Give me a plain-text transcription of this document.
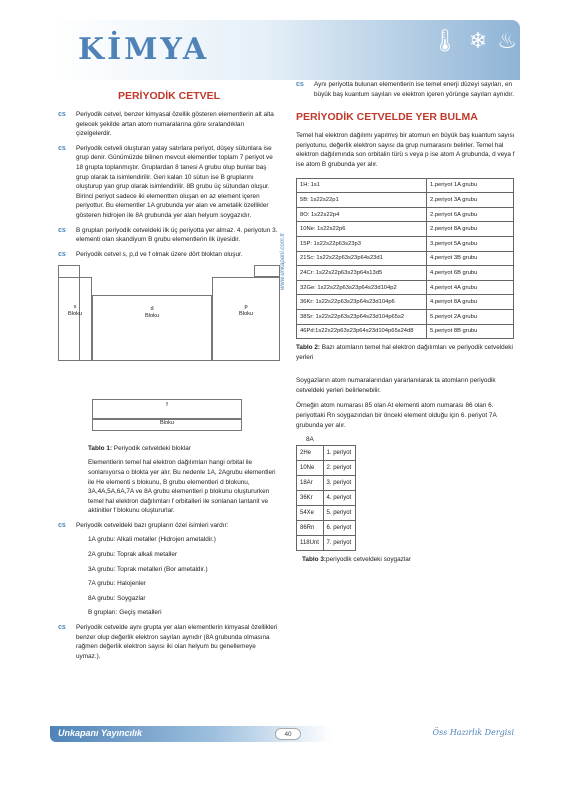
KİMYA	🌡 ❄ ♨
PERİYODİK CETVEL
cs Periyodik cetvel, benzer kimyasal özellik gösteren elementlerin alt alta gelecek şekilde artan atom numaralarına göre sıralandıkları çizelgelerdir.
cs Periyodik cetveli oluşturan yatay satırlara periyot, düşey sütunlara ise grup denir. Günümüzde bilinen mevcut elementler toplam 7 periyot ve 18 grupta toplanmıştır. Gruplardan 8 tanesi A grubu olup bunlar baş grup olarak ta isimlendirilir. Geri kalan 10 sütun ise B gruplarını oluşturup yan grup olarak isimlendirilir. 8B grubu üç sütundan oluşur. Birinci periyot sadece iki elementten oluşan en az element içeren periyottur. Bu elementler 1A grubunda yer alan ve ametalik özellikler gösteren hidrojen ile 8A grubunda yer alan helyum soygazıdır.
cs B grupları periyodik cetveldeki ilk üç periyotta yer almaz. 4. periyotun 3. elementi olan skandiyum B grubu elementlerin ilk üyesidir.
cs Periyodik cetvel s, p,d ve f olmak üzere dört bloktan oluşur.
s
Bloku
d
Bloku
p
Bloku
f
Bloku
Tablo 1: Periyodik cetveldeki bloklar
Elementlerin temel hal elektron dağılımları hangi orbital ile sonlanıyorsa o blokta yer alır. Bu nedenle 1A, 2Agrubu elementleri ile He elementi s blokunu, B grubu elementleri d blokunu, 3A,4A,5A,6A,7A ve 8A grubu elementleri p blokunu oluştururken temel hal elektron dağılımları f orbitalleri ile sonlanan lantanit ve aktinitler f blokunu oluştururlar.
cs Periyodik cetveldeki bazı grupların özel isimleri vardır:
1A grubu: Alkali metaller (Hidrojen ametaldir.)
2A grubu: Toprak alkali metaller
3A grubu: Toprak metalleri (Bor ametaldir.)
7A grubu: Halojenler
8A grubu: Soygazlar
B grupları: Geçiş metalleri
cs Periyodik cetvelde aynı grupta yer alan elementlerin kimyasal özellikleri benzer olup değerlik elektron sayıları aynıdır (8A grubunda olmasına rağmen değerlik elektron sayısı iki olan helyum bu genellemeye uymaz.).
www.unkapani.com.tr
cs Aynı periyotta bulunan elementlerin ise temel enerji düzeyi sayıları, en büyük baş kuantum sayıları ve elektron içeren yörünge sayıları aynıdır.
PERİYODİK CETVELDE YER BULMA
Temel hal elektron dağılımı yapılmış bir atomun en büyük baş kuantum sayısı periyotunu, değerlik elektron sayısı da grup numarasını belirler. Temel hal elektron dağılımında son orbitalin türü s veya p ise atom A grubunda, d veya f ise atom B grubunda yer alır.
1H: 1s1	1.periyot 1A grubu
5B: 1s22s22p1	2.periyot 3A grubu
8O: 1s22s22p4	2.periyot 6A grubu
10Ne: 1s22s22p6	2.periyot 8A grubu
15P: 1s22s22p63s23p3	3.periyot 5A grubu
21Sc: 1s22s22p63s23p64s23d1	4.periyot 3B grubu
24Cr: 1s22s22p63s23p64s13d5	4.periyot 6B grubu
32Ge: 1s22s22p63s23p64s23d104p2	4.periyot 4A grubu
36Kr: 1s22s22p63s23p64s23d104p6	4.periyot 8A grubu
38Sr: 1s22s22p63s23p64s23d104p65s2	5.periyot 2A grubu
46Pd:1s22s22p63s23p64s23d104p65s24d8	5.periyot 8B grubu
Tablo 2: Bazı atomların temel hal elektron dağılımları ve periyodik cetveldeki yerleri
Soygazların atom numaralarından yararlanılarak ta atomların periyodik cetveldeki yerleri belirlenebilir.
Örneğin atom numarası 85 olan At elementi atom numarası 86 olan 6. periyottaki Rn soygazından bir önceki element olduğu için 6. periyot 7A grubunda yer alır.
8A
2He	1. periyot
10Ne	2. periyot
18Ar	3. periyot
36Kr	4. periyot
54Xe	5. periyot
86Rn	6. periyot
118Unt	7. periyot
Tablo 3:periyodik cetveldeki soygazlar
Unkapanı Yayıncılık	40	Öss Hazırlık Dergisi
